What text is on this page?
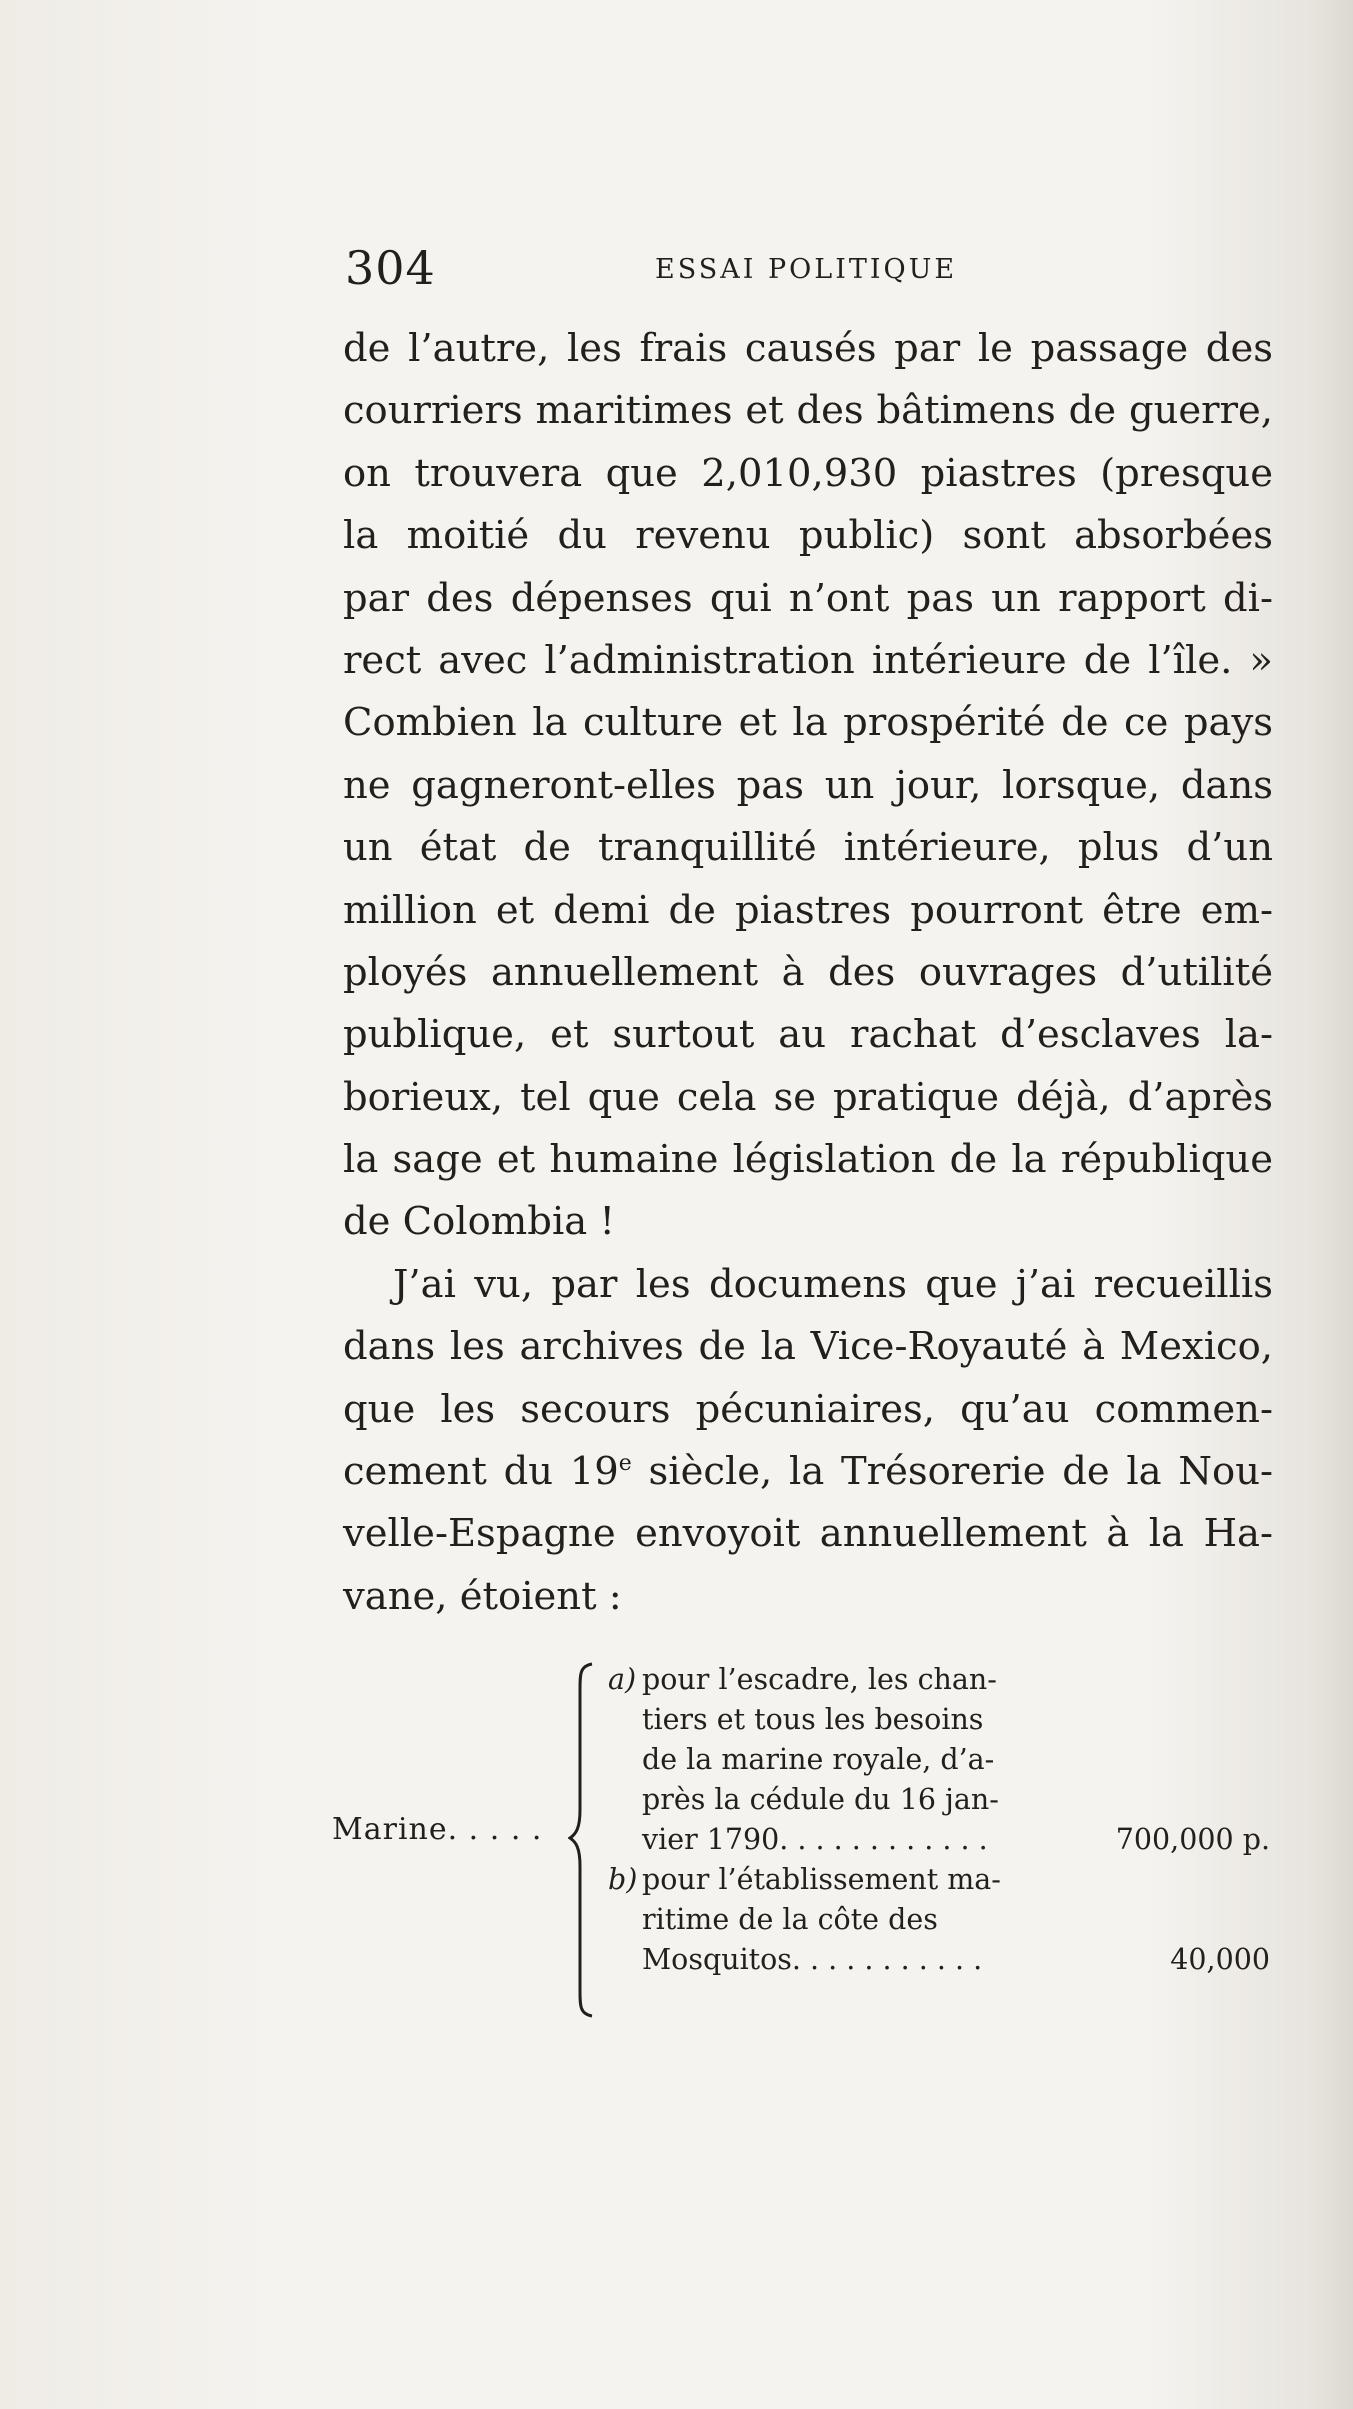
304	ESSAI POLITIQUE
de l’autre, les frais causés par le passage des
courriers maritimes et des bâtimens de guerre,
on trouvera que 2,010,930 piastres (presque
la moitié du revenu public) sont absorbées
par des dépenses qui n’ont pas un rapport di-
rect avec l’administration intérieure de l’île. »
Combien la culture et la prospérité de ce pays
ne gagneront-elles pas un jour, lorsque, dans
un état de tranquillité intérieure, plus d’un
million et demi de piastres pourront être em-
ployés annuellement à des ouvrages d’utilité
publique, et surtout au rachat d’esclaves la-
borieux, tel que cela se pratique déjà, d’après
la sage et humaine législation de la république
de Colombia !
J’ai vu, par les documens que j’ai recueillis
dans les archives de la Vice-Royauté à Mexico,
que les secours pécuniaires, qu’au commen-
cement du 19e siècle, la Trésorerie de la Nou-
velle-Espagne envoyoit annuellement à la Ha-
vane, étoient :
Marine. . . . .
a) pour l’escadre, les chan-
tiers et tous les besoins
de la marine royale, d’a-
près la cédule du 16 jan-
vier 1790. . . . . . . . . . . .	700,000 p.
b) pour l’établissement ma-
ritime de la côte des
Mosquitos. . . . . . . . . . .	40,000
